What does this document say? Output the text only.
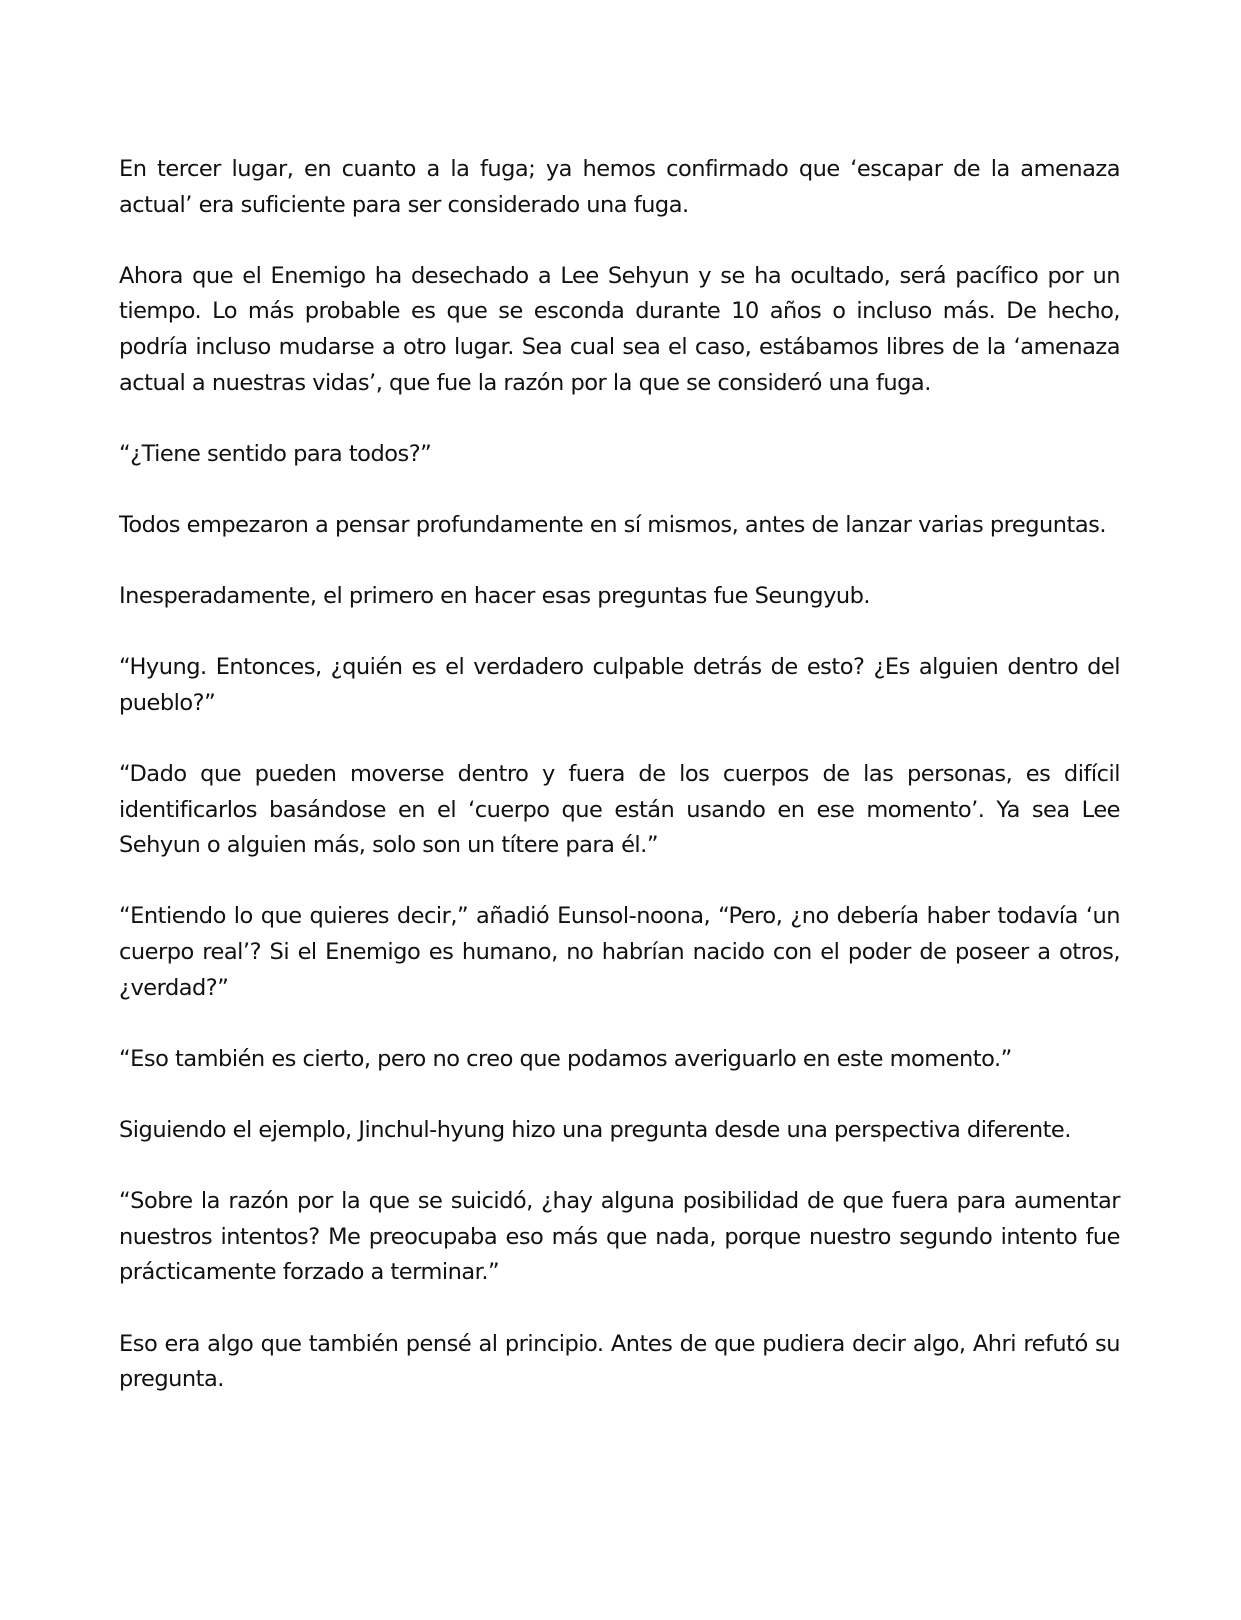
En tercer lugar, en cuanto a la fuga; ya hemos confirmado que ‘escapar de la amenaza actual’ era suficiente para ser considerado una fuga.

Ahora que el Enemigo ha desechado a Lee Sehyun y se ha ocultado, será pacífico por un tiempo. Lo más probable es que se esconda durante 10 años o incluso más. De hecho, podría incluso mudarse a otro lugar. Sea cual sea el caso, estábamos libres de la ‘amenaza actual a nuestras vidas’, que fue la razón por la que se consideró una fuga.

“¿Tiene sentido para todos?”

Todos empezaron a pensar profundamente en sí mismos, antes de lanzar varias preguntas.

Inesperadamente, el primero en hacer esas preguntas fue Seungyub.

“Hyung. Entonces, ¿quién es el verdadero culpable detrás de esto? ¿Es alguien dentro del pueblo?”

“Dado que pueden moverse dentro y fuera de los cuerpos de las personas, es difícil identificarlos basándose en el ‘cuerpo que están usando en ese momento’. Ya sea Lee Sehyun o alguien más, solo son un títere para él.”

“Entiendo lo que quieres decir,” añadió Eunsol-noona, “Pero, ¿no debería haber todavía ‘un cuerpo real’? Si el Enemigo es humano, no habrían nacido con el poder de poseer a otros, ¿verdad?”

“Eso también es cierto, pero no creo que podamos averiguarlo en este momento.”

Siguiendo el ejemplo, Jinchul-hyung hizo una pregunta desde una perspectiva diferente.

“Sobre la razón por la que se suicidó, ¿hay alguna posibilidad de que fuera para aumentar nuestros intentos? Me preocupaba eso más que nada, porque nuestro segundo intento fue prácticamente forzado a terminar.”

Eso era algo que también pensé al principio. Antes de que pudiera decir algo, Ahri refutó su pregunta.
